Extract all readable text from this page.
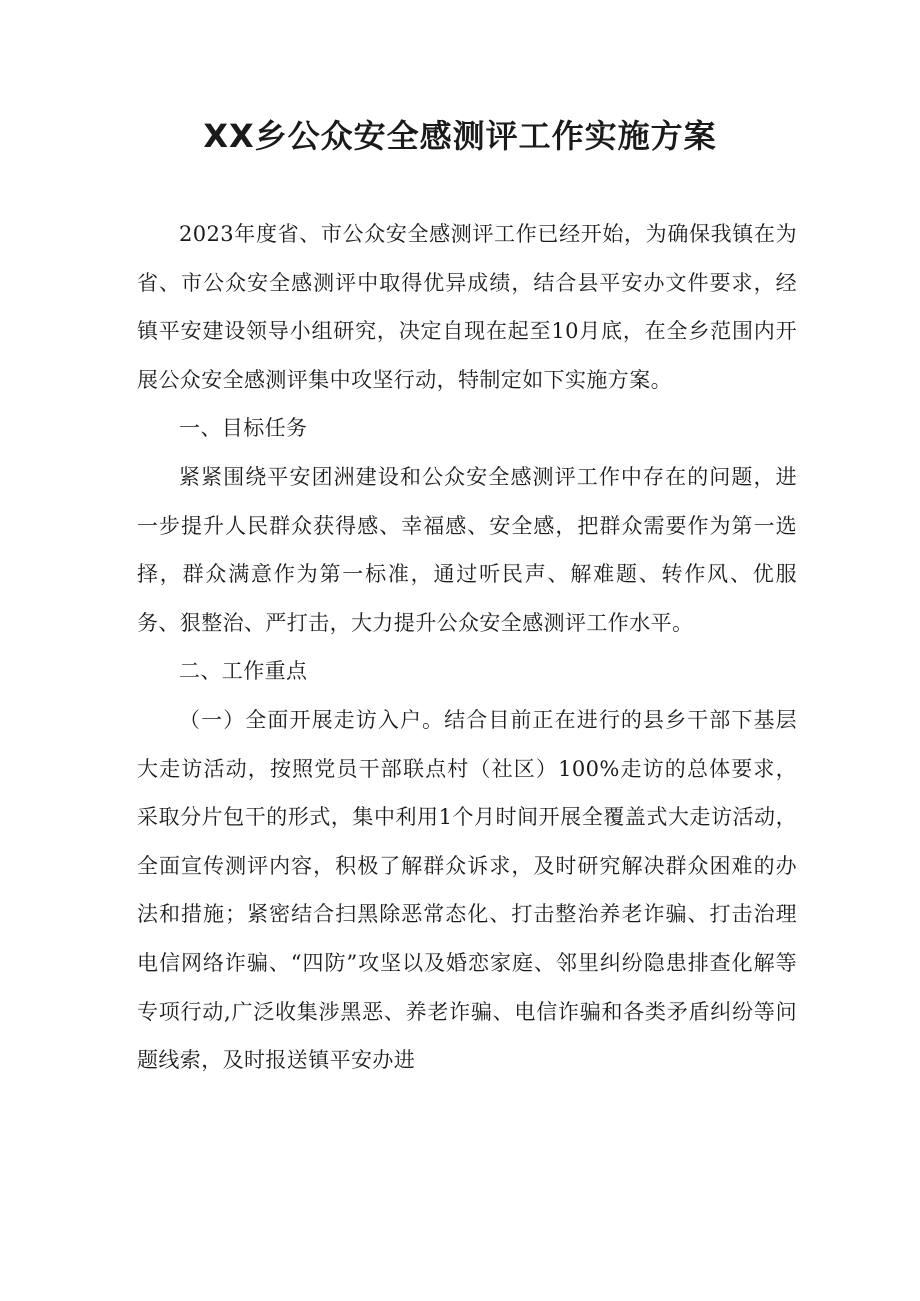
XX乡公众安全感测评工作实施方案

2023年度省、市公众安全感测评工作已经开始，为确保我镇在为省、市公众安全感测评中取得优异成绩，结合县平安办文件要求，经镇平安建设领导小组研究，决定自现在起至10月底，在全乡范围内开展公众安全感测评集中攻坚行动，特制定如下实施方案。

一、目标任务

紧紧围绕平安团洲建设和公众安全感测评工作中存在的问题，进一步提升人民群众获得感、幸福感、安全感，把群众需要作为第一选择，群众满意作为第一标准，通过听民声、解难题、转作风、优服务、狠整治、严打击，大力提升公众安全感测评工作水平。

二、工作重点

（一）全面开展走访入户。结合目前正在进行的县乡干部下基层大走访活动，按照党员干部联点村（社区）100%走访的总体要求，采取分片包干的形式，集中利用1个月时间开展全覆盖式大走访活动，全面宣传测评内容，积极了解群众诉求，及时研究解决群众困难的办法和措施；紧密结合扫黑除恶常态化、打击整治养老诈骗、打击治理电信网络诈骗、“四防”攻坚以及婚恋家庭、邻里纠纷隐患排查化解等专项行动,广泛收集涉黑恶、养老诈骗、电信诈骗和各类矛盾纠纷等问题线索，及时报送镇平安办进
